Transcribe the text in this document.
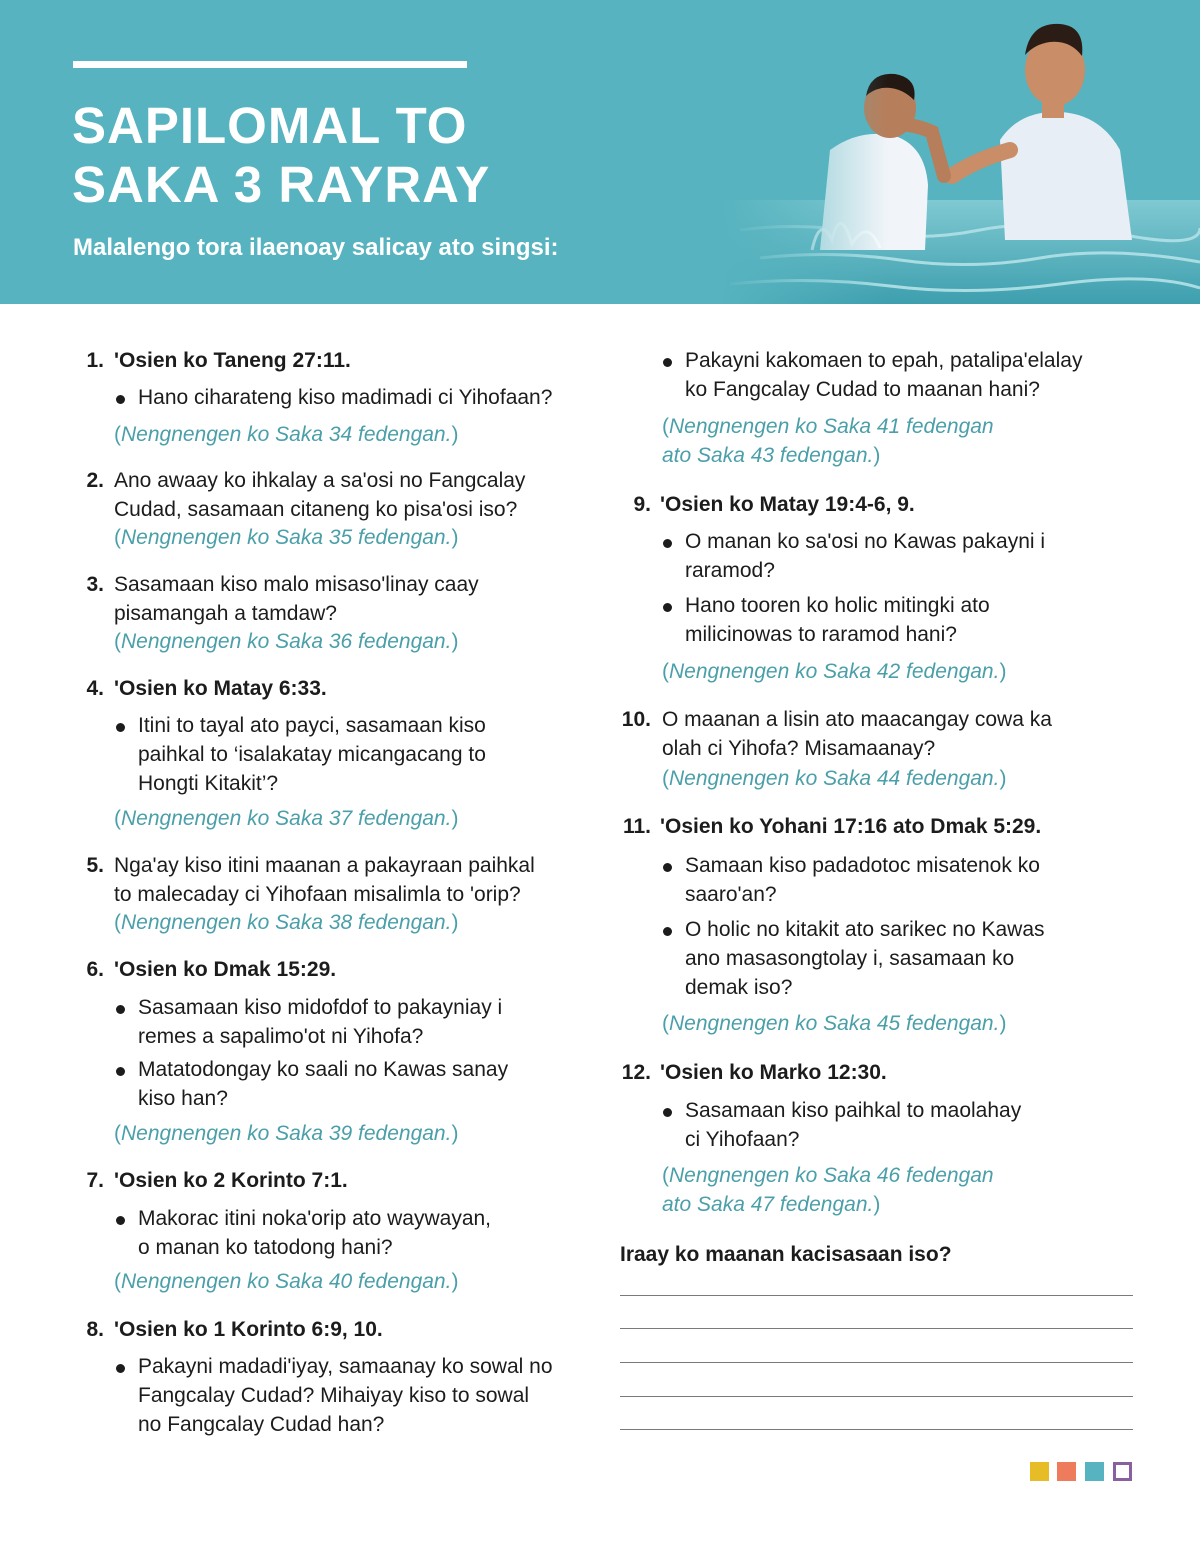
SAPILOMAL TO
SAKA 3 RAYRAY
Malalengo tora ilaenoay salicay ato singsi:
1. 'Osien ko Taneng 27:11.
Hano ciharateng kiso madimadi ci Yihofaan?
(Nengnengen ko Saka 34 fedengan.)
2. Ano awaay ko ihkalay a sa'osi no Fangcalay
Cudad, sasamaan citaneng ko pisa'osi iso?
(Nengnengen ko Saka 35 fedengan.)
3. Sasamaan kiso malo misaso'linay caay
pisamangah a tamdaw?
(Nengnengen ko Saka 36 fedengan.)
4. 'Osien ko Matay 6:33.
Itini to tayal ato payci, sasamaan kiso
paihkal to ‘isalakatay micangacang to
Hongti Kitakit’?
(Nengnengen ko Saka 37 fedengan.)
5. Nga'ay kiso itini maanan a pakayraan paihkal
to malecaday ci Yihofaan misalimla to 'orip?
(Nengnengen ko Saka 38 fedengan.)
6. 'Osien ko Dmak 15:29.
Sasamaan kiso midofdof to pakayniay i
remes a sapalimo'ot ni Yihofa?
Matatodongay ko saali no Kawas sanay
kiso han?
(Nengnengen ko Saka 39 fedengan.)
7. 'Osien ko 2 Korinto 7:1.
Makorac itini noka'orip ato waywayan,
o manan ko tatodong hani?
(Nengnengen ko Saka 40 fedengan.)
8. 'Osien ko 1 Korinto 6:9, 10.
Pakayni madadi'iyay, samaanay ko sowal no
Fangcalay Cudad? Mihaiyay kiso to sowal
no Fangcalay Cudad han?
Pakayni kakomaen to epah, patalipa'elalay
ko Fangcalay Cudad to maanan hani?
(Nengnengen ko Saka 41 fedengan
ato Saka 43 fedengan.)
9. 'Osien ko Matay 19:4-6, 9.
O manan ko sa'osi no Kawas pakayni i
raramod?
Hano tooren ko holic mitingki ato
milicinowas to raramod hani?
(Nengnengen ko Saka 42 fedengan.)
10. O maanan a lisin ato maacangay cowa ka
olah ci Yihofa? Misamaanay?
(Nengnengen ko Saka 44 fedengan.)
11. 'Osien ko Yohani 17:16 ato Dmak 5:29.
Samaan kiso padadotoc misatenok ko
saaro'an?
O holic no kitakit ato sarikec no Kawas
ano masasongtolay i, sasamaan ko
demak iso?
(Nengnengen ko Saka 45 fedengan.)
12. 'Osien ko Marko 12:30.
Sasamaan kiso paihkal to maolahay
ci Yihofaan?
(Nengnengen ko Saka 46 fedengan
ato Saka 47 fedengan.)
Iraay ko maanan kacisasaan iso?
